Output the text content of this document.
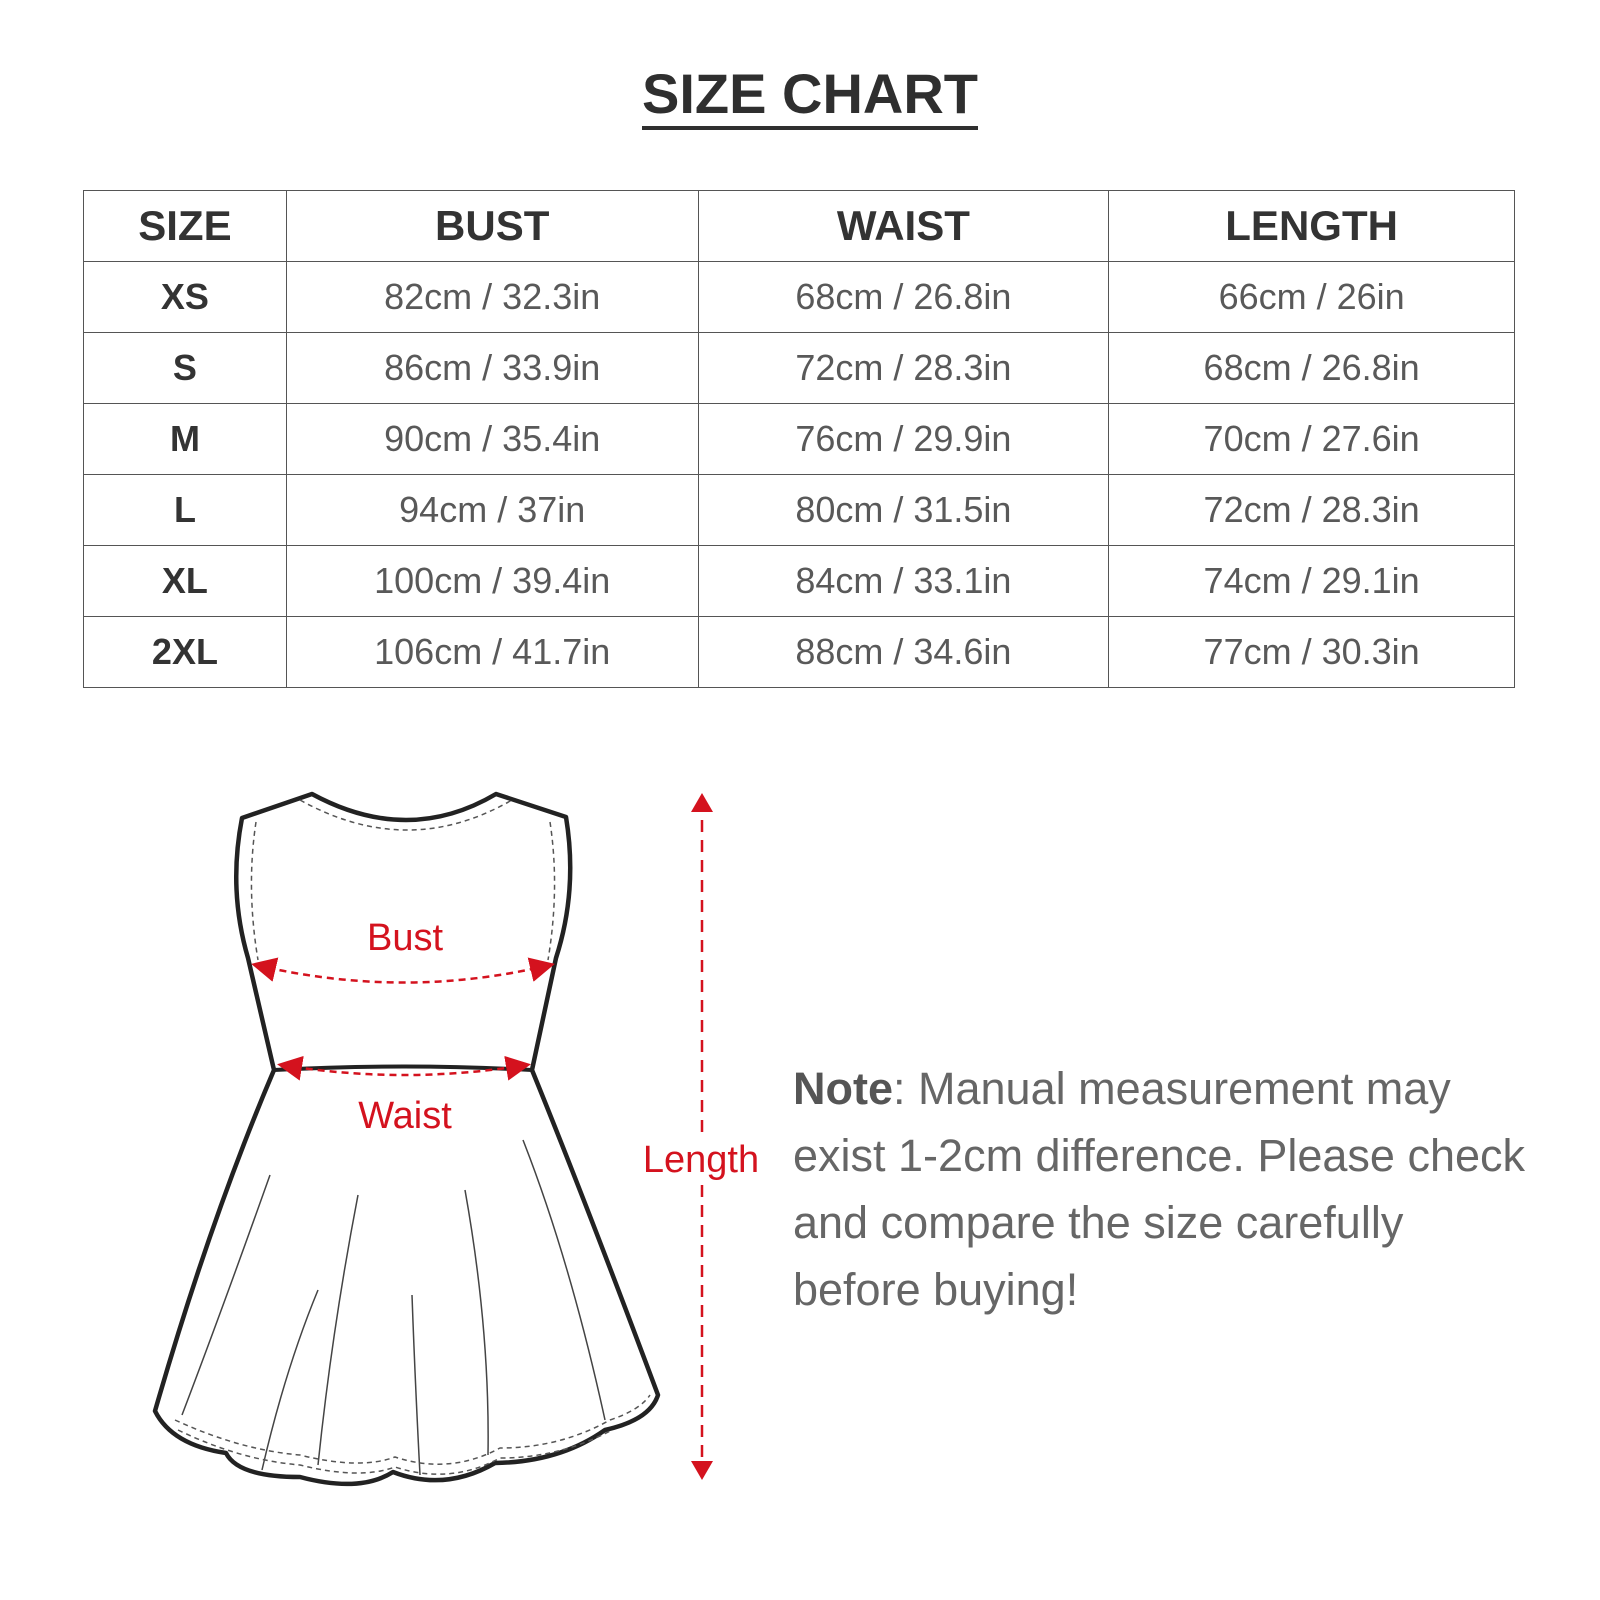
SIZE CHART
SIZE	BUST	WAIST	LENGTH
XS	82cm / 32.3in	68cm / 26.8in	66cm / 26in
S	86cm / 33.9in	72cm / 28.3in	68cm / 26.8in
M	90cm / 35.4in	76cm / 29.9in	70cm / 27.6in
L	94cm / 37in	80cm / 31.5in	72cm / 28.3in
XL	100cm / 39.4in	84cm / 33.1in	74cm / 29.1in
2XL	106cm / 41.7in	88cm / 34.6in	77cm / 30.3in
Bust
Waist
Length
Note: Manual measurement may exist 1-2cm difference. Please check and compare the size carefully before buying!
